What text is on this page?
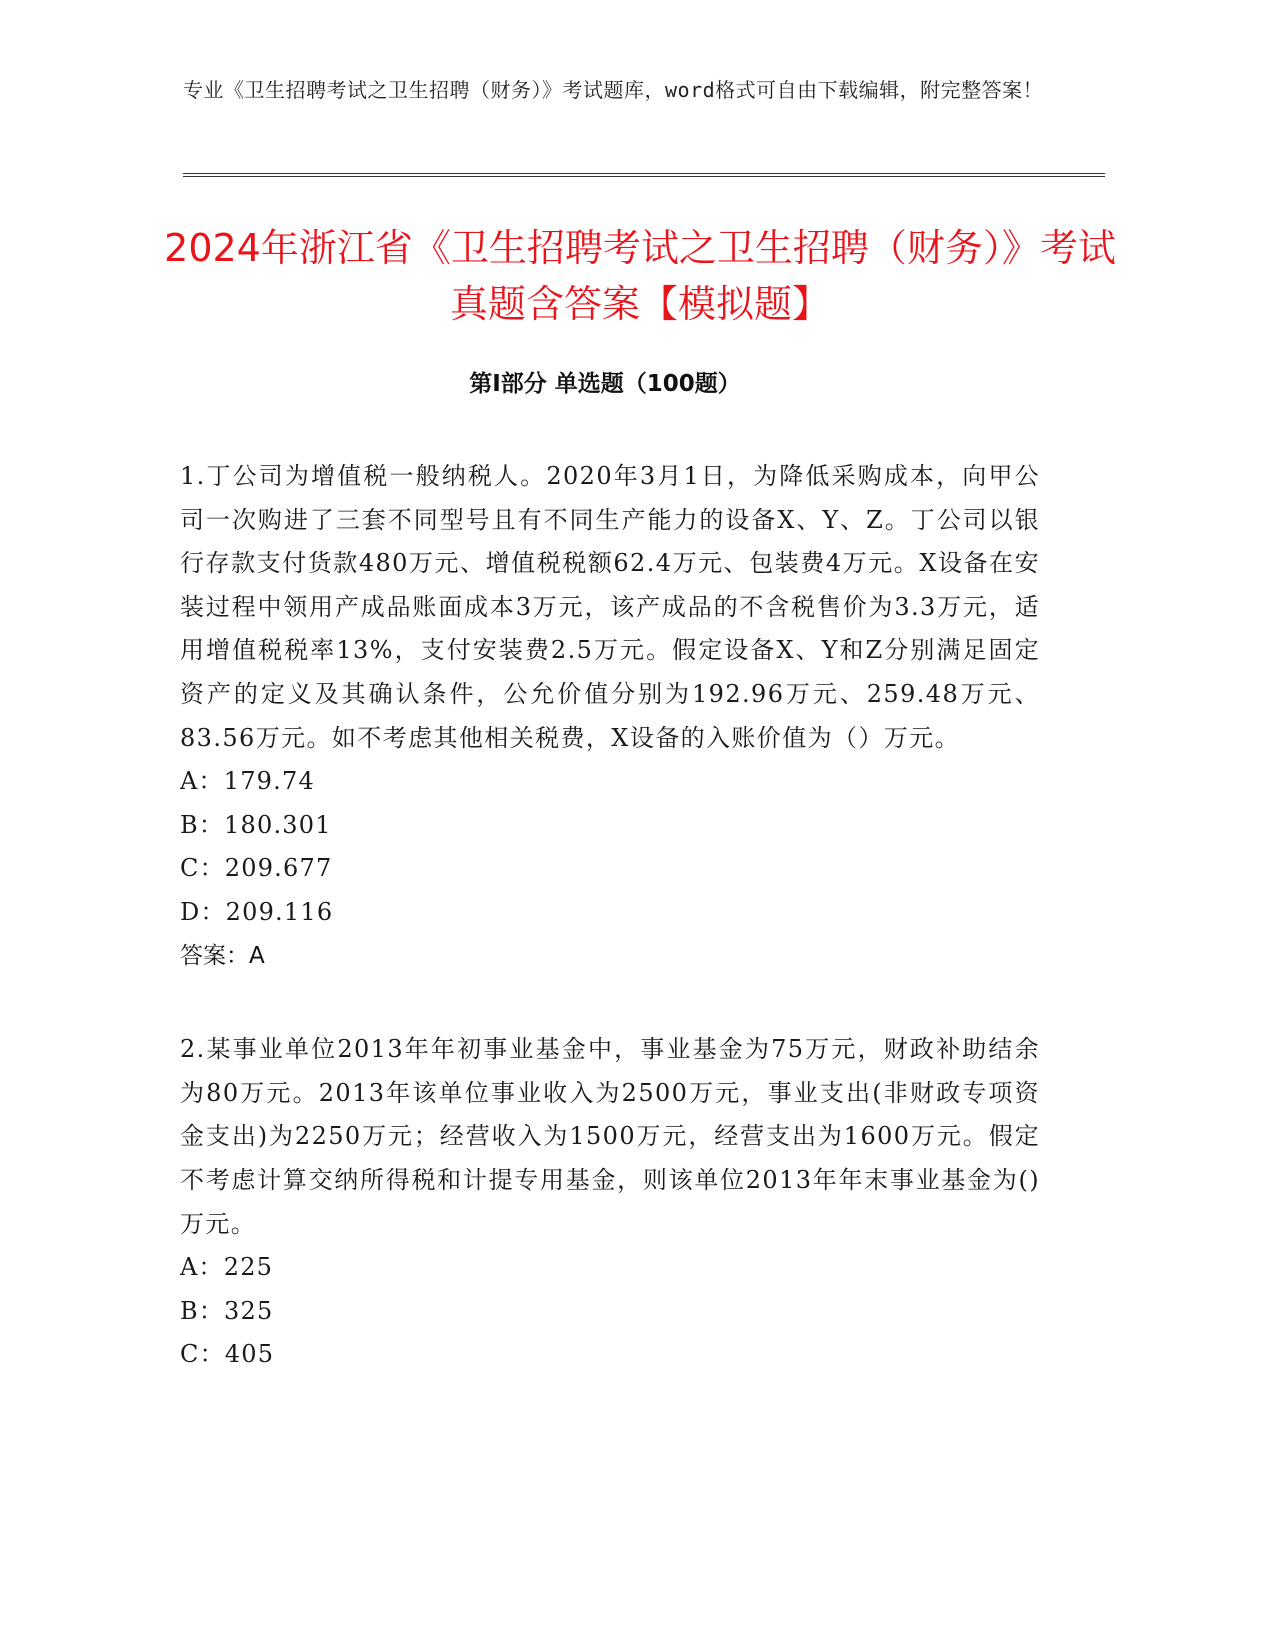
专业《卫生招聘考试之卫生招聘（财务）》考试题库，word格式可自由下载编辑，附完整答案！
2024年浙江省《卫生招聘考试之卫生招聘（财务）》考试真题含答案【模拟题】
第I部分 单选题（100题）

1.丁公司为增值税一般纳税人。2020年3月1日，为降低采购成本，向甲公司一次购进了三套不同型号且有不同生产能力的设备X、Y、Z。丁公司以银行存款支付货款480万元、增值税税额62.4万元、包装费4万元。X设备在安装过程中领用产成品账面成本3万元，该产成品的不含税售价为3.3万元，适用增值税税率13%，支付安装费2.5万元。假定设备X、Y和Z分别满足固定资产的定义及其确认条件，公允价值分别为192.96万元、259.48万元、83.56万元。如不考虑其他相关税费，X设备的入账价值为（）万元。

A：179.74
B：180.301
C：209.677
D：209.116

答案：A

2.某事业单位2013年年初事业基金中，事业基金为75万元，财政补助结余为80万元。2013年该单位事业收入为2500万元，事业支出(非财政专项资金支出)为2250万元；经营收入为1500万元，经营支出为1600万元。假定不考虑计算交纳所得税和计提专用基金，则该单位2013年年末事业基金为()万元。

A：225
B：325
C：405
